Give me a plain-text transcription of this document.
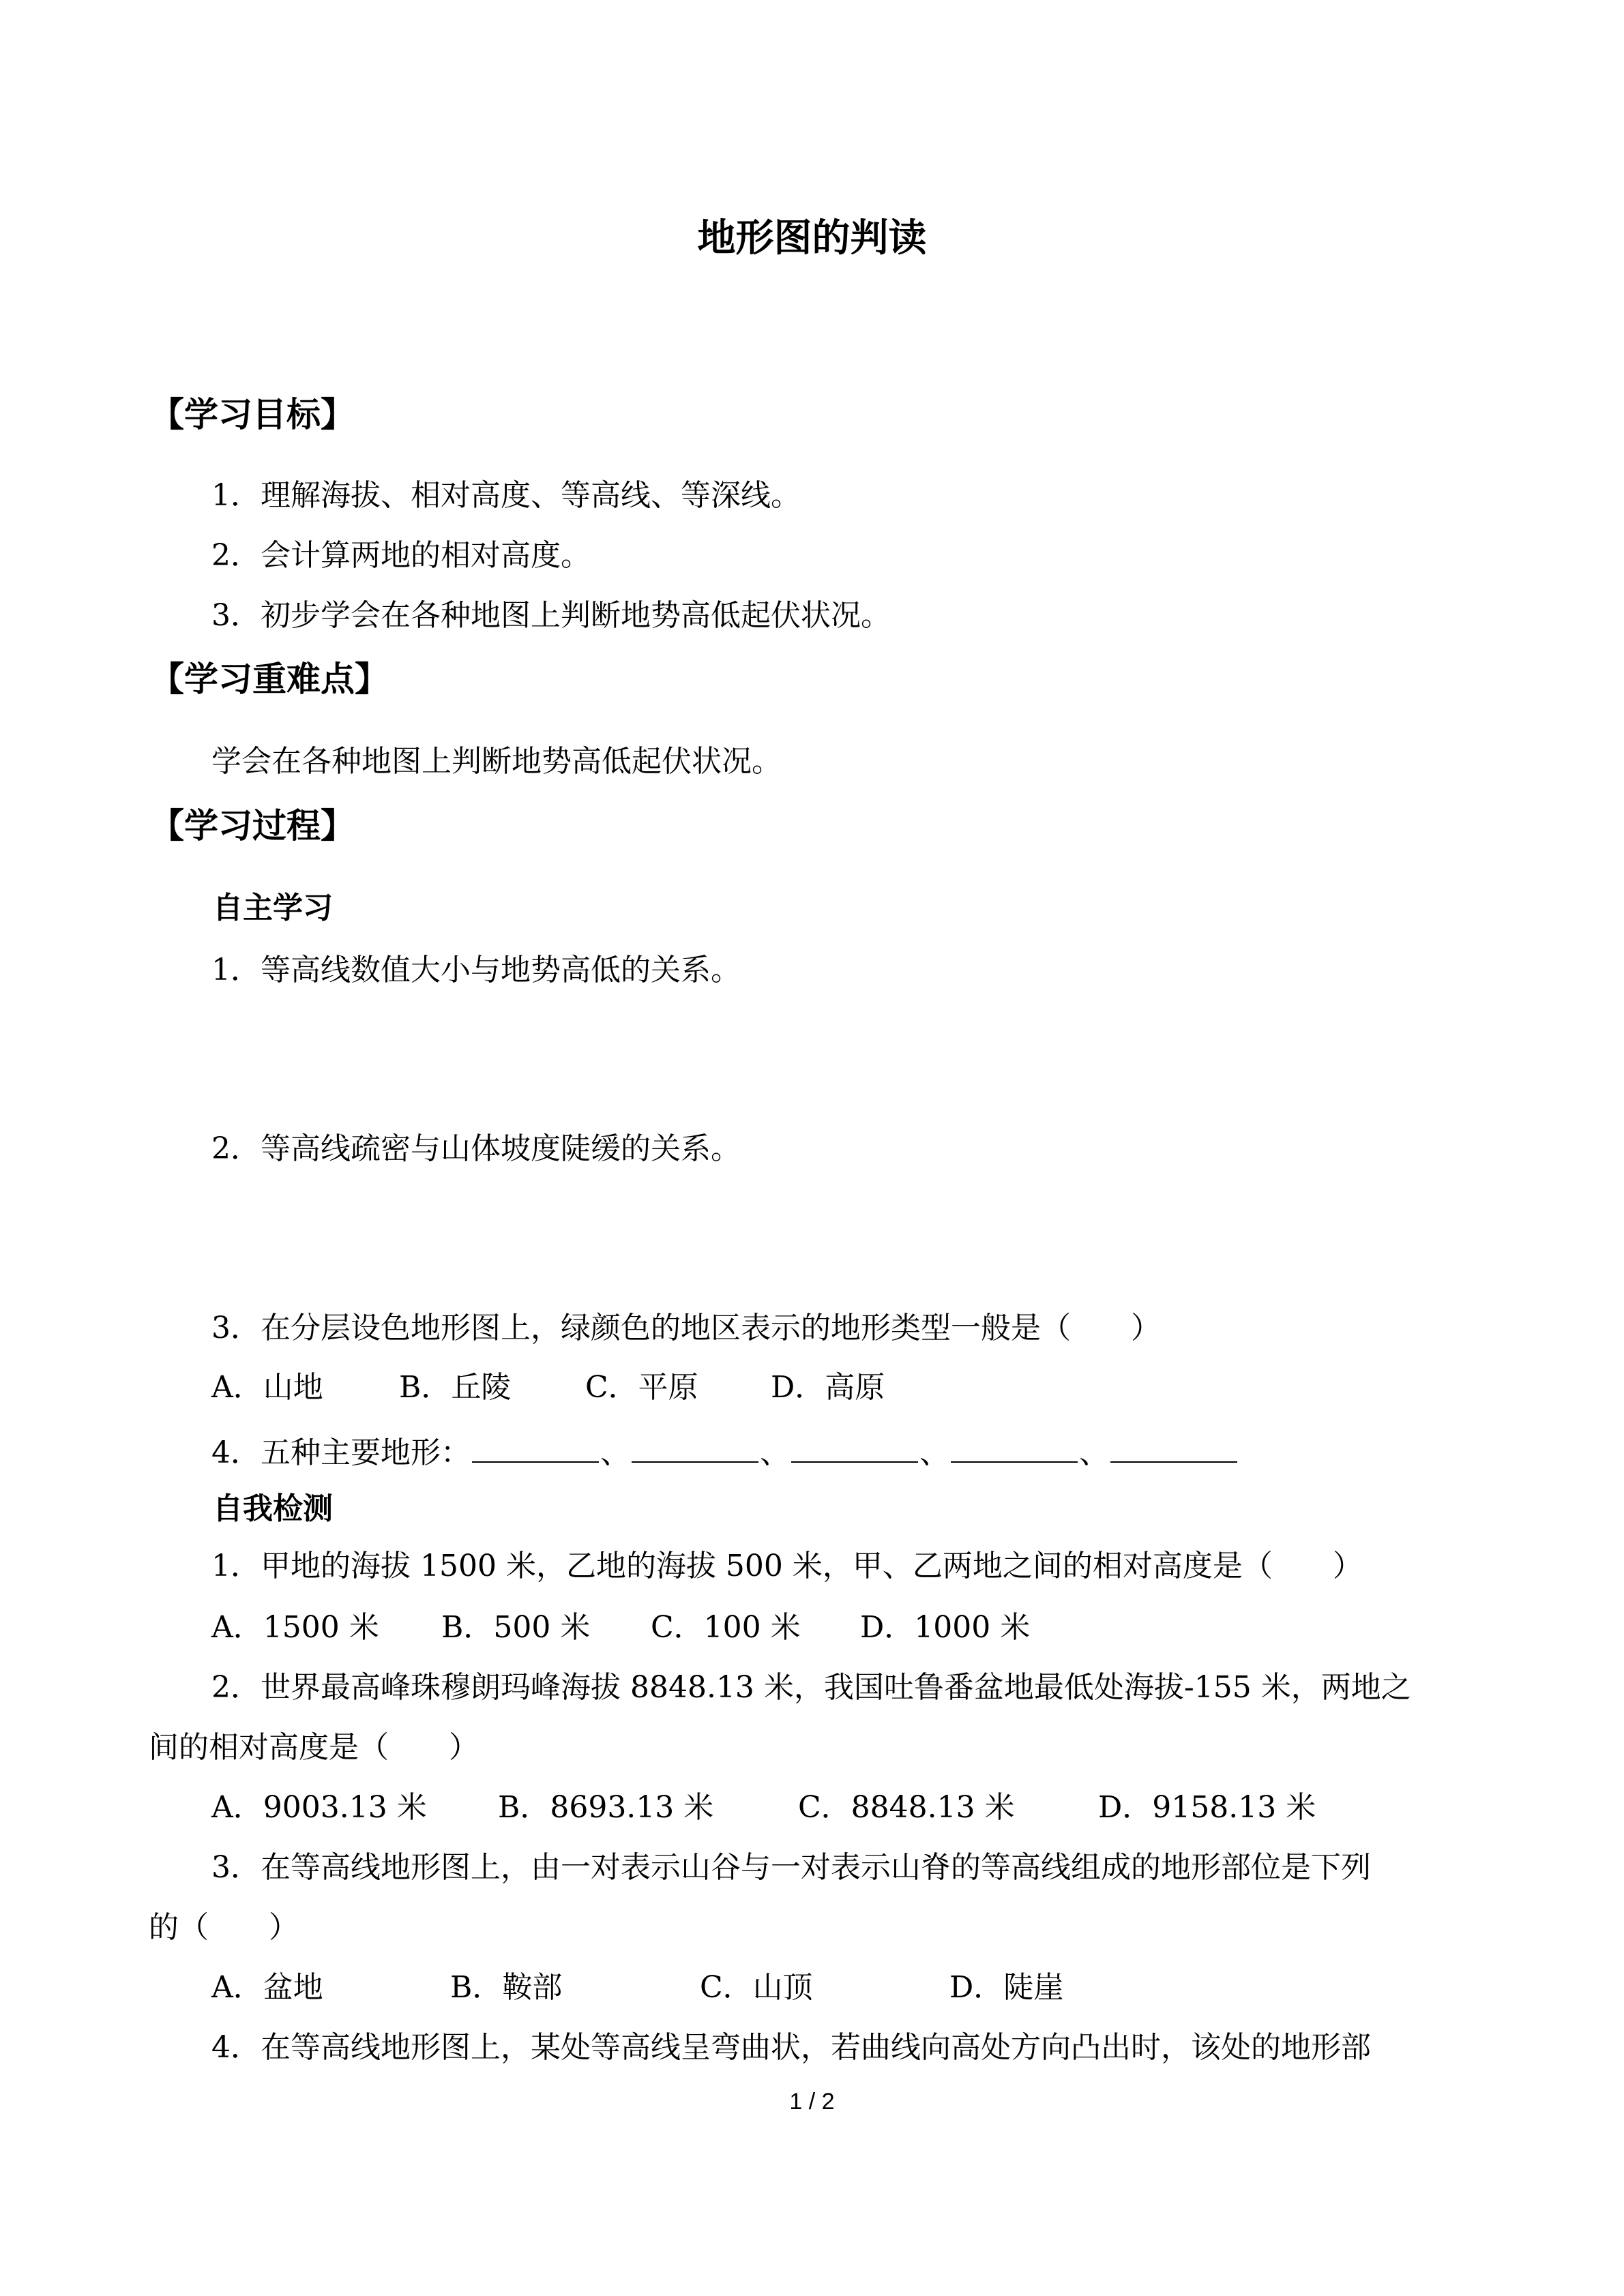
地形图的判读
【学习目标】
1．理解海拔、相对高度、等高线、等深线。
2．会计算两地的相对高度。
3．初步学会在各种地图上判断地势高低起伏状况。
【学习重难点】
学会在各种地图上判断地势高低起伏状况。
【学习过程】
自主学习
1．等高线数值大小与地势高低的关系。
2．等高线疏密与山体坡度陡缓的关系。
3．在分层设色地形图上，绿颜色的地区表示的地形类型一般是（　　）
A．山地	B．丘陵 C．平原 D．高原
4．五种主要地形：	、	、	、	、
自我检测
1．甲地的海拔 1500 米，乙地的海拔 500 米，甲、乙两地之间的相对高度是（　　）
A．1500 米 B．500 米 C．100 米 D．1000 米
2．世界最高峰珠穆朗玛峰海拔 8848.13 米，我国吐鲁番盆地最低处海拔-155 米，两地之
间的相对高度是（　　）
A．9003.13 米 B．8693.13 米	C．8848.13 米	D．9158.13 米
3．在等高线地形图上，由一对表示山谷与一对表示山脊的等高线组成的地形部位是下列
的（　　）
A．盆地	B．鞍部	C．山顶	D．陡崖
4．在等高线地形图上，某处等高线呈弯曲状，若曲线向高处方向凸出时，该处的地形部
1 / 2
